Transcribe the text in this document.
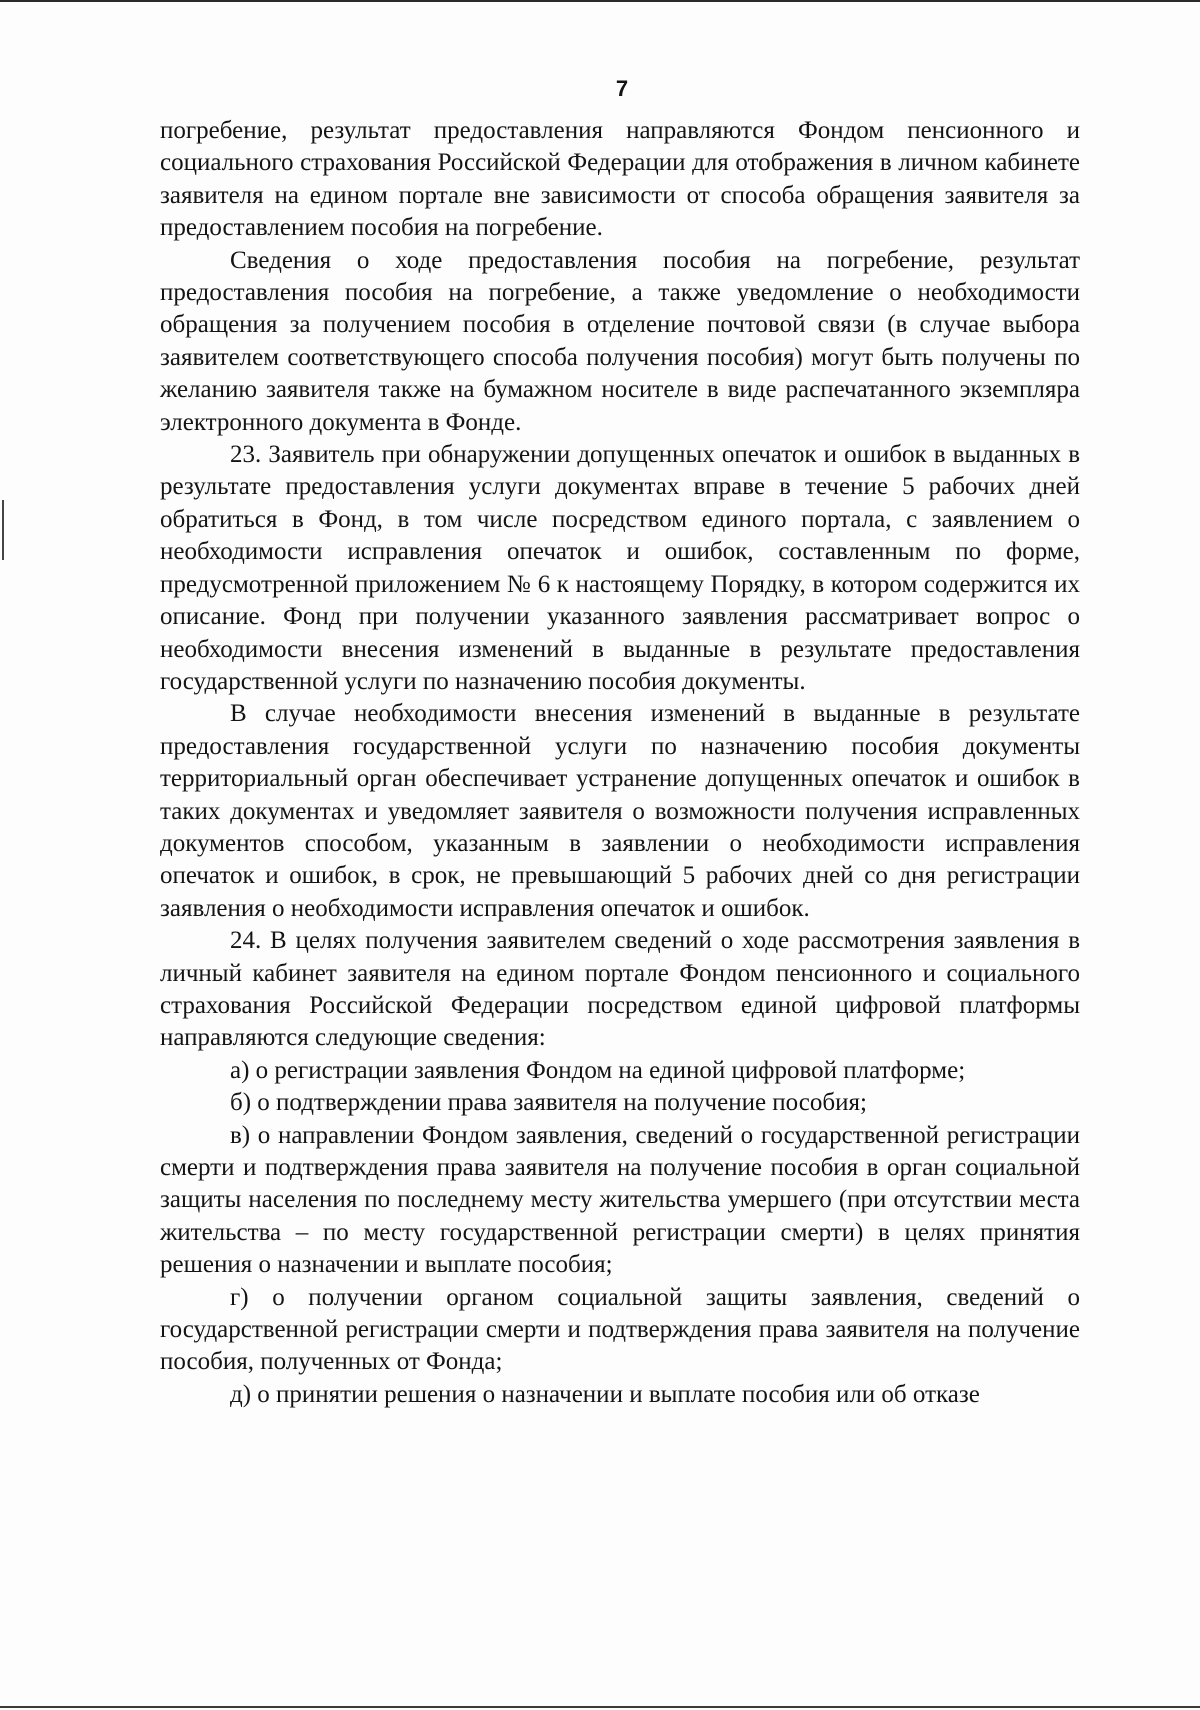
7

погребение, результат предоставления направляются Фондом пенсионного и социального страхования Российской Федерации для отображения в личном кабинете заявителя на едином портале вне зависимости от способа обращения заявителя за предоставлением пособия на погребение.

Сведения о ходе предоставления пособия на погребение, результат предоставления пособия на погребение, а также уведомление о необходимости обращения за получением пособия в отделение почтовой связи (в случае выбора заявителем соответствующего способа получения пособия) могут быть получены по желанию заявителя также на бумажном носителе в виде распечатанного экземпляра электронного документа в Фонде.

23. Заявитель при обнаружении допущенных опечаток и ошибок в выданных в результате предоставления услуги документах вправе в течение 5 рабочих дней обратиться в Фонд, в том числе посредством единого портала, с заявлением о необходимости исправления опечаток и ошибок, составленным по форме, предусмотренной приложением № 6 к настоящему Порядку, в котором содержится их описание. Фонд при получении указанного заявления рассматривает вопрос о необходимости внесения изменений в выданные в результате предоставления государственной услуги по назначению пособия документы.

В случае необходимости внесения изменений в выданные в результате предоставления государственной услуги по назначению пособия документы территориальный орган обеспечивает устранение допущенных опечаток и ошибок в таких документах и уведомляет заявителя о возможности получения исправленных документов способом, указанным в заявлении о необходимости исправления опечаток и ошибок, в срок, не превышающий 5 рабочих дней со дня регистрации заявления о необходимости исправления опечаток и ошибок.

24. В целях получения заявителем сведений о ходе рассмотрения заявления в личный кабинет заявителя на едином портале Фондом пенсионного и социального страхования Российской Федерации посредством единой цифровой платформы направляются следующие сведения:

а) о регистрации заявления Фондом на единой цифровой платформе;

б) о подтверждении права заявителя на получение пособия;

в) о направлении Фондом заявления, сведений о государственной регистрации смерти и подтверждения права заявителя на получение пособия в орган социальной защиты населения по последнему месту жительства умершего (при отсутствии места жительства – по месту государственной регистрации смерти) в целях принятия решения о назначении и выплате пособия;

г) о получении органом социальной защиты заявления, сведений о государственной регистрации смерти и подтверждения права заявителя на получение пособия, полученных от Фонда;

д) о принятии решения о назначении и выплате пособия или об отказе
